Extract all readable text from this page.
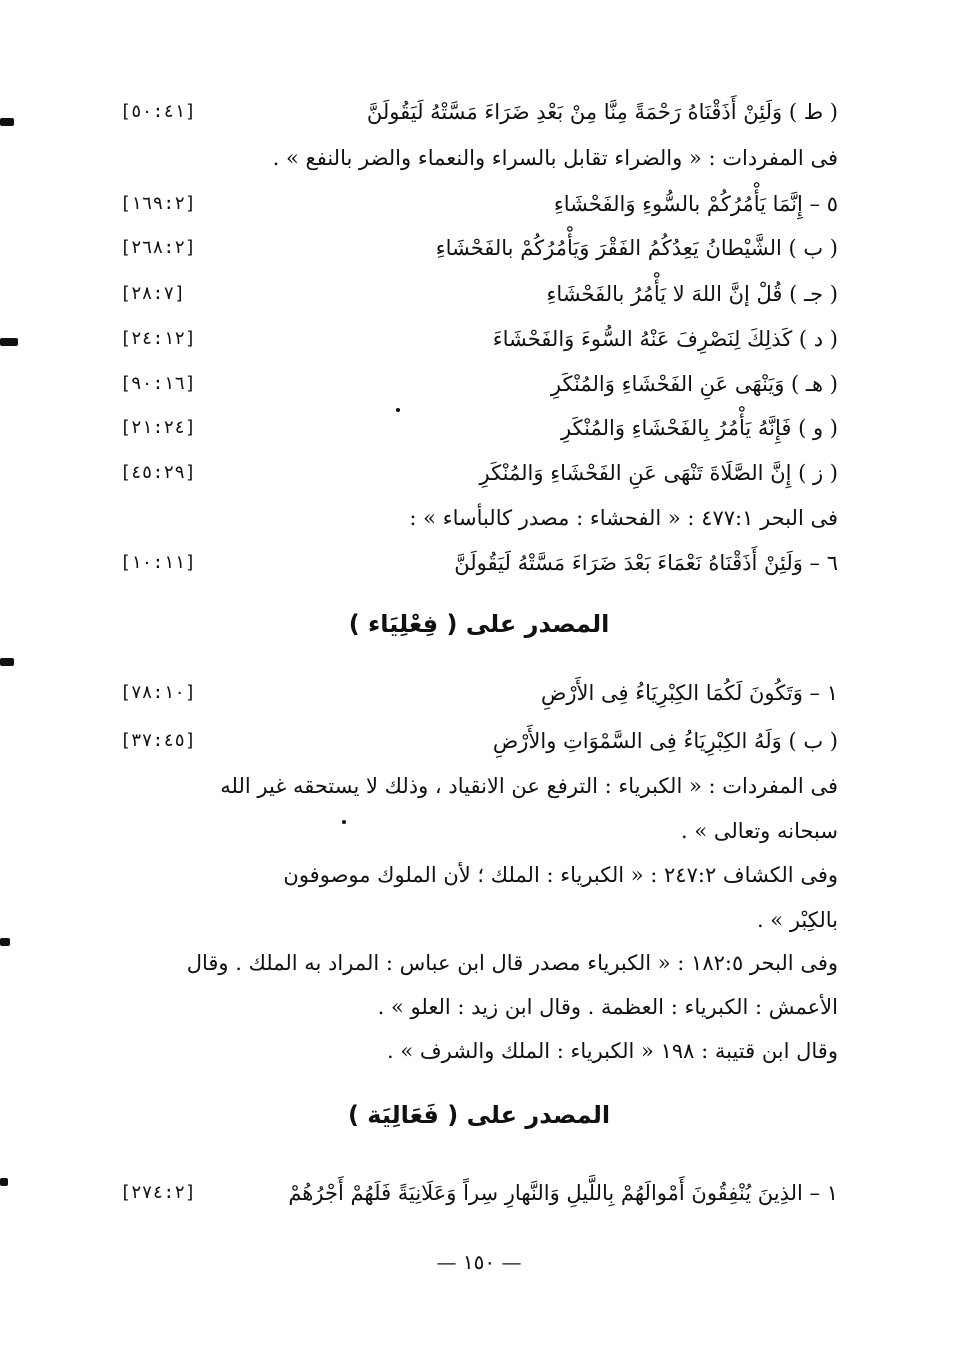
( ط ) وَلَئِنْ أَذَقْنَاهُ رَحْمَةً مِنَّا مِنْ بَعْدِ ضَرَاءَ مَسَّتْهُ لَيَقُولَنَّ
[٥٠:٤١]
فى المفردات : « والضراء تقابل بالسراء والنعماء والضر بالنفع » .
٥ – إِنَّمَا يَأْمُرُكُمْ بالسُّوءِ وَالفَحْشَاءِ
[١٦٩:٢]
( ب ) الشَّيْطانُ يَعِدُكُمُ الفَقْرَ وَيَأْمُرُكُمْ بالفَحْشَاءِ
[٢٦٨:٢]
( جـ ) قُلْ إنَّ اللهَ لا يَأْمُرُ بالفَحْشَاءِ
[٢٨:٧]
( د ) كَذلِكَ لِنَصْرِفَ عَنْهُ السُّوءَ وَالفَحْشَاءَ
[٢٤:١٢]
( هـ ) وَيَنْهَى عَنِ الفَحْشَاءِ وَالمُنْكَرِ
[٩٠:١٦]
( و ) فَإِنَّهُ يَأْمُرُ بِالفَحْشَاءِ وَالمُنْكَرِ
[٢١:٢٤]
( ز ) إِنَّ الصَّلَاةَ تَنْهَى عَنِ الفَحْشَاءِ وَالمُنْكَرِ
[٤٥:٢٩]
فى البحر ٤٧٧:١ : « الفحشاء : مصدر كالبأساء » :
٦ – وَلَئِنْ أَذَقْنَاهُ نَعْمَاءَ بَعْدَ ضَرَاءَ مَسَّتْهُ لَيَقُولَنَّ
[١٠:١١]
المصدر على ( فِعْلِيَاء )
١ – وَتَكُونَ لَكُمَا الكِبْرِيَاءُ فِى الأَرْضِ
[٧٨:١٠]
( ب ) وَلَهُ الكِبْرِيَاءُ فِى السَّمْوَاتِ والأَرْضِ
[٣٧:٤٥]
فى المفردات : « الكبرياء : الترفع عن الانقياد ، وذلك لا يستحقه غير الله
سبحانه وتعالى » .
وفى الكشاف ٢٤٧:٢ : « الكبرياء : الملك ؛ لأن الملوك موصوفون
بالكِبْر » .
وفى البحر ١٨٢:٥ : « الكبرياء مصدر قال ابن عباس : المراد به الملك . وقال
الأعمش : الكبرياء : العظمة . وقال ابن زيد : العلو » .
وقال ابن قتيبة : ١٩٨ « الكبرياء : الملك والشرف » .
المصدر على ( فَعَالِيَة )
١ – الذِينَ يُنْفِقُونَ أَمْوالَهُمْ بِاللَّيلِ وَالنَّهارِ سِراً وَعَلَانِيَةً فَلَهُمْ أَجْرُهُمْ
[٢٧٤:٢]
— ١٥٠ —
